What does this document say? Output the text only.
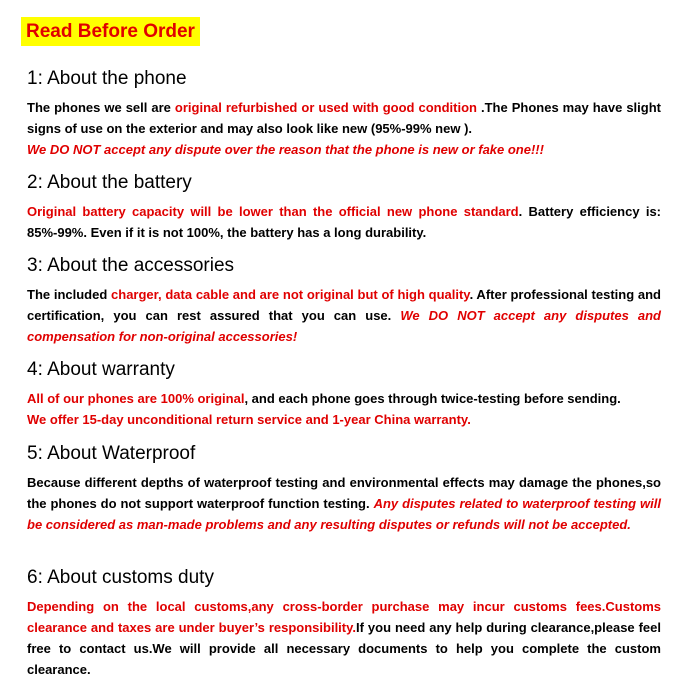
Read Before Order
1: About the phone

The phones we sell are original refurbished or used with good condition .The Phones may have slight signs of use on the exterior and may also look like new (95%-99% new ).
We DO NOT accept any dispute over the reason that the phone is new or fake one!!!

2: About the battery

Original battery capacity will be lower than the official new phone standard. Battery efficiency is: 85%-99%. Even if it is not 100%, the battery has a long durability.

3: About the accessories

The included charger, data cable and are not original but of high quality. After professional testing and certification, you can rest assured that you can use. We DO NOT accept any disputes and compensation for non-original accessories!

4: About warranty

All of our phones are 100% original, and each phone goes through twice-testing before sending.
We offer 15-day unconditional return service and 1-year China warranty.

5: About Waterproof

Because different depths of waterproof testing and environmental effects may damage the phones,so the phones do not support waterproof function testing. Any disputes related to waterproof testing will be considered as man-made problems and any resulting disputes or refunds will not be accepted.

6: About customs duty

Depending on the local customs,any cross-border purchase may incur customs fees.Customs clearance and taxes are under buyer’s responsibility.If you need any help during clearance,please feel free to contact us.We will provide all necessary documents to help you complete the custom clearance.
